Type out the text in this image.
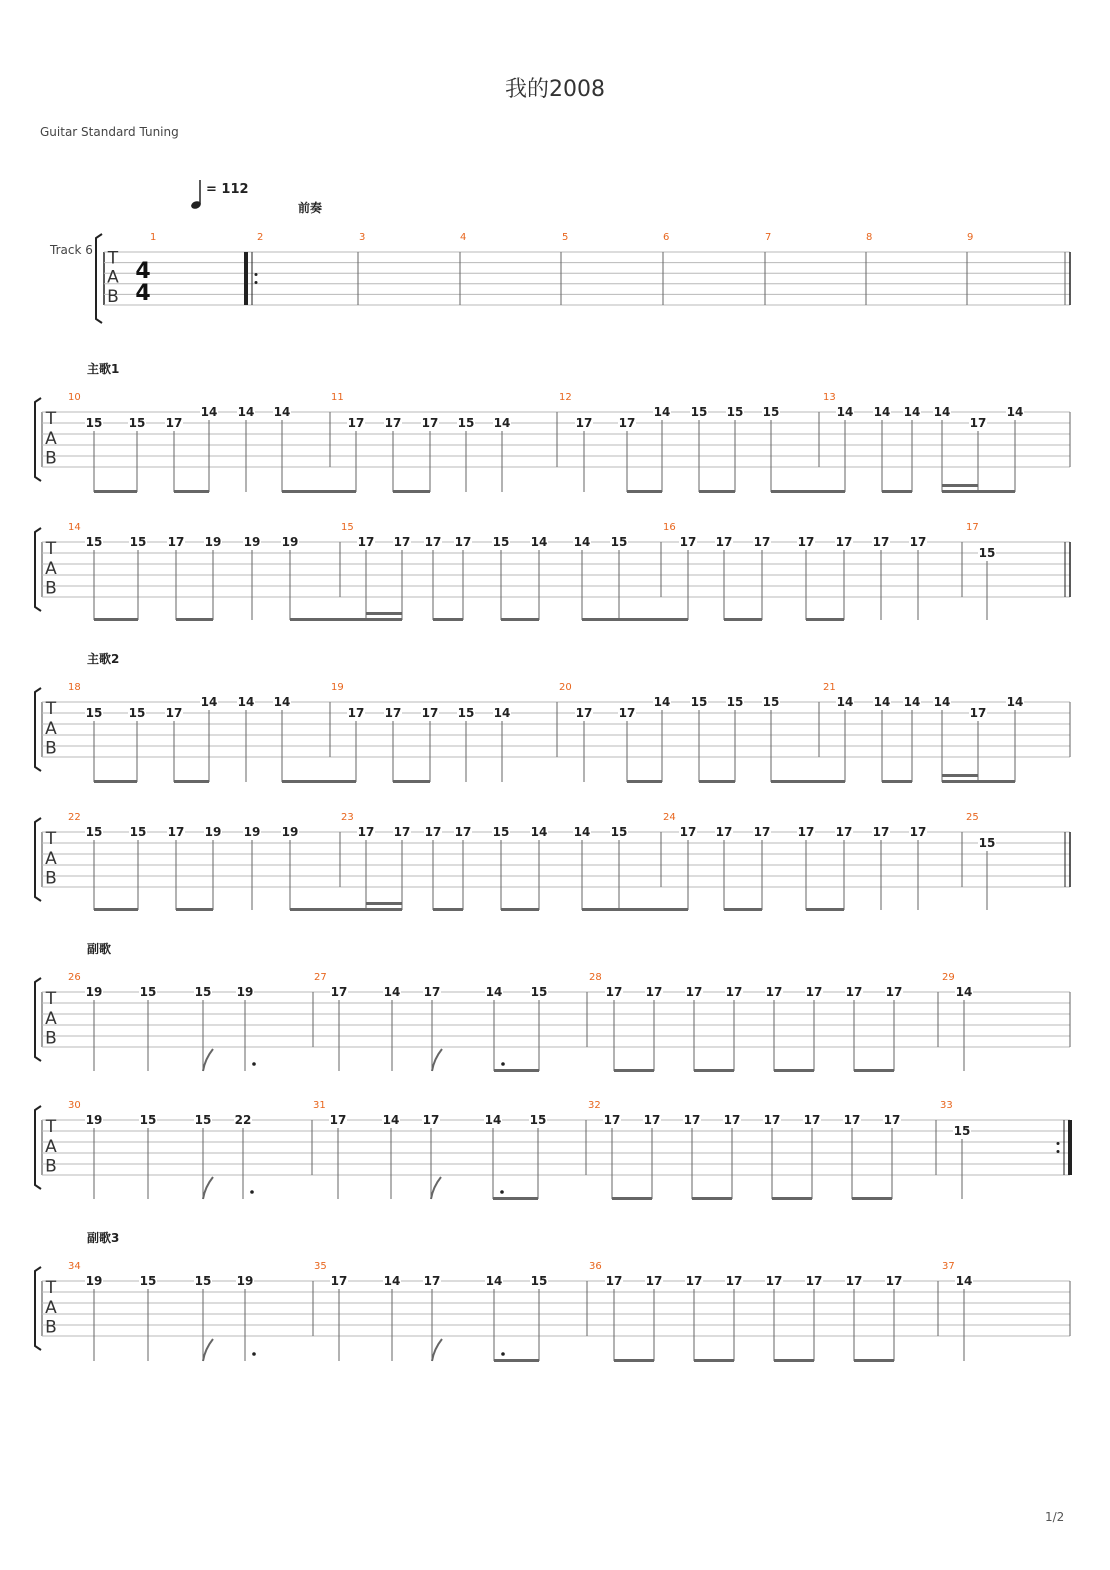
我的2008
Guitar Standard Tuning
1/2
= 112
前奏
Track 6 T
A
B
4
4
1	2	3	4	5	6	7	8	9
主歌1
T
A
B
10	11	12	13
15 15 17
14 14 14
17 17 17 15 14	17 17
14 15 15 15	14 14 14 14
17
14
T
A
B
14	15	16	17
15 15 17 19 19 19	17 17 17 17 15 14 14 15	17 17 17 17 17 17 17
15
主歌2
T
A
B
18	19	20	21
15 15 17
14 14 14
17 17 17 15 14	17 17
14 15 15 15	14 14 14 14
17
14
T
A
B
22	23	24	25
15 15 17 19 19 19	17 17 17 17 15 14 14 15	17 17 17 17 17 17 17
15
副歌
T
A
B
26	27	28	29
19	15	15 19	17	14 17	14 15	17 17 17 17 17 17 17 17	14
T
A
B
30	31	32	33
19	15	15 22	17	14 17	14 15	17 17 17 17 17 17 17 17
15
副歌3
T
A
B
34	35	36	37
19	15	15 19	17	14 17	14 15	17 17 17 17 17 17 17 17	14
